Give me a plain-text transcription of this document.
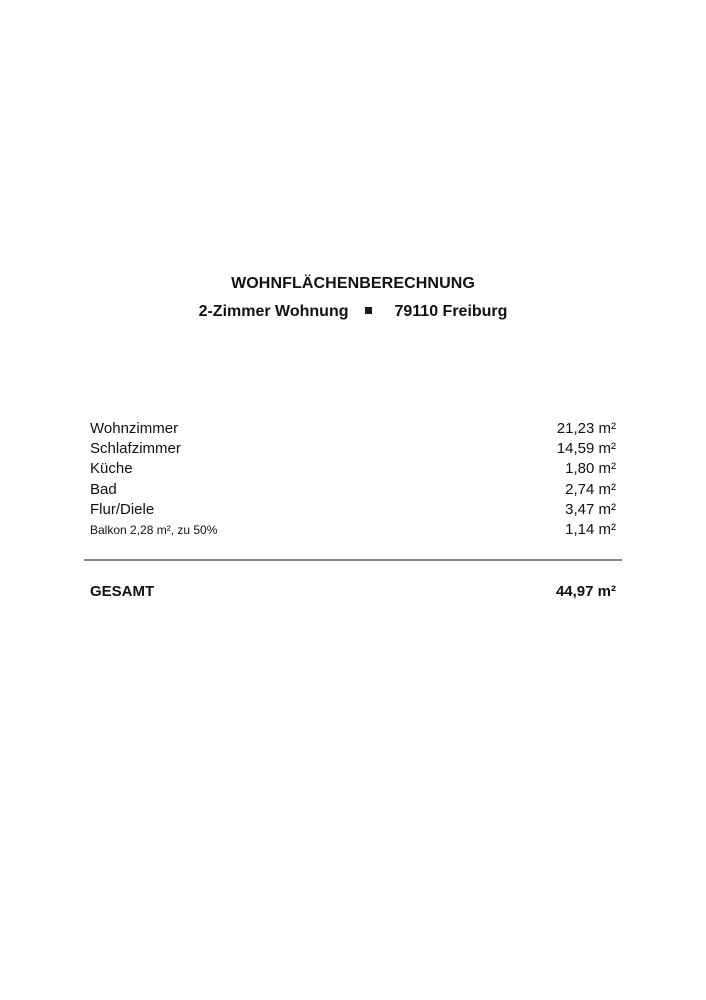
WOHNFLÄCHENBERECHNUNG
2-Zimmer Wohnung	79110 Freiburg
Wohnzimmer	21,23 m²
Schlafzimmer	14,59 m²
Küche	1,80 m²
Bad	2,74 m²
Flur/Diele	3,47 m²
Balkon 2,28 m², zu 50%	1,14 m²
GESAMT	44,97 m²
